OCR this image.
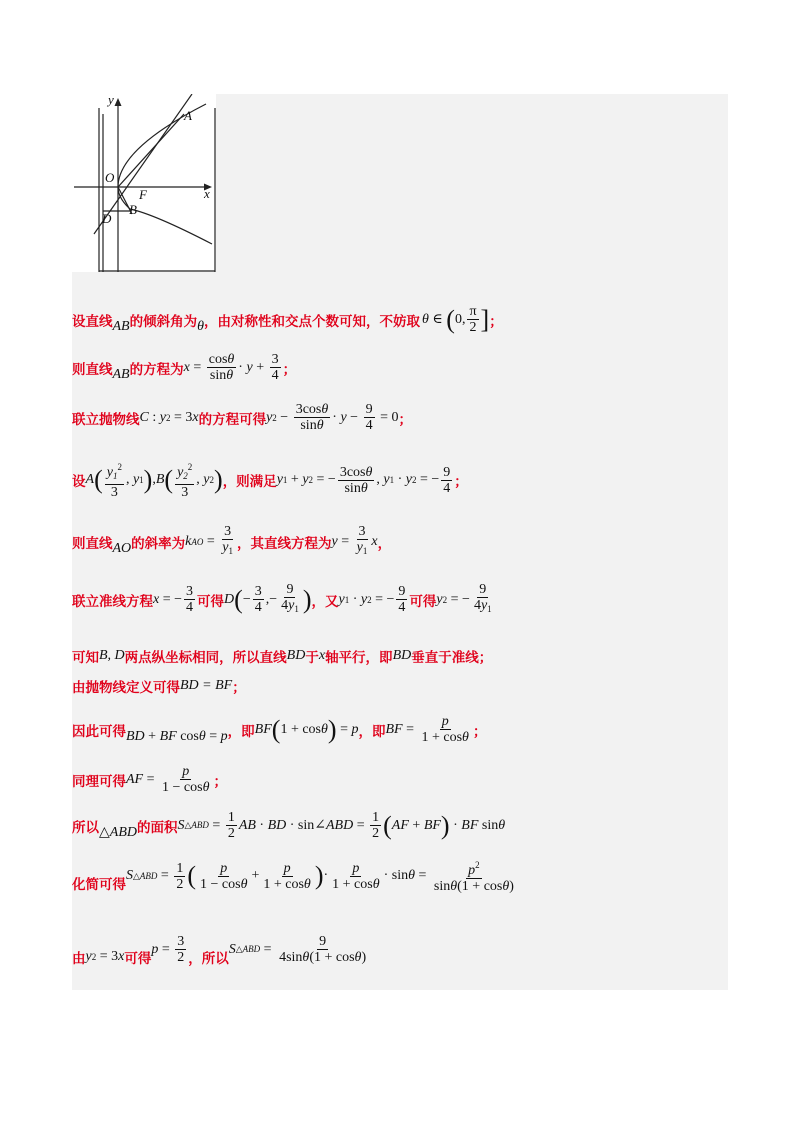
y
x
O
A
F
B
D
设直线 AB 的倾斜角为 θ ，由对称性和交点个数可知，不妨取 θ ∈ ( 0, $\frac{\pi}{2}$ ] ；
则直线 AB 的方程为 $x = \frac{\cos\theta}{\sin\theta} \cdot y + \frac{3}{4}$ ；
联立抛物线 C : y 2 = 3 x 的方程可得 y $2 - \frac{3\cos\theta}{\sin\theta} \cdot y - \frac{9}{4} = 0$ ；
设 A ( $\frac{y_1^2}{3}$ , y 1 ) , B ( $\frac{y_2^2}{3}$ , y 2 ) ，则满足 y 1 + y 2 = − $\frac{3\cos\theta}{\sin\theta}$ , y 1 · y 2 = − $\frac{9}{4}$ ；
则直线 AO 的斜率为 k AO = $\frac{3}{y_1}$ ，其直线方程为 $y = \frac{3}{y_1}$ x ，
联立准线方程 x = − $\frac{3}{4}$ 可得 D ( − $\frac{3}{4}$ ,− $\frac{9}{4y_1}$ ) ，又 y 1 · y 2 = − $\frac{9}{4}$ 可得 y 2 = − $\frac{9}{4y_1}$
可知 B, D 两点纵坐标相同，所以直线 BD 于 x 轴平行，即 BD 垂直于准线；
由抛物线定义可得 BD = BF ；
因此可得 BD + BF cos θ = p ，即 BF ( 1 + cos θ ) = p ，即 BF = $\frac{p}{1 + \cos\theta}$ ；
同理可得 AF = $\frac{p}{1 - \cos\theta}$ ；
所以 △ABD 的面积 S △ABD = $\frac{1}{2}$ AB · BD · sin∠ ABD = $\frac{1}{2}$ ( AF + BF ) · BF sin θ
化简可得
S △ABD = $\frac{1}{2}$ ( $\frac{p}{1 - \cos\theta} + \frac{p}{1 + \cos\theta}$ ) · $\frac{p}{1 + \cos\theta} \cdot \sin \theta = \frac{p^2}{\sin\theta(1 + \cos\theta)}$
由 y 2 = 3 x 可得
$p = \frac{3}{2}$ ，所以
S △ABD = $\frac{9}{4\sin\theta(1 + \cos\theta)}$
